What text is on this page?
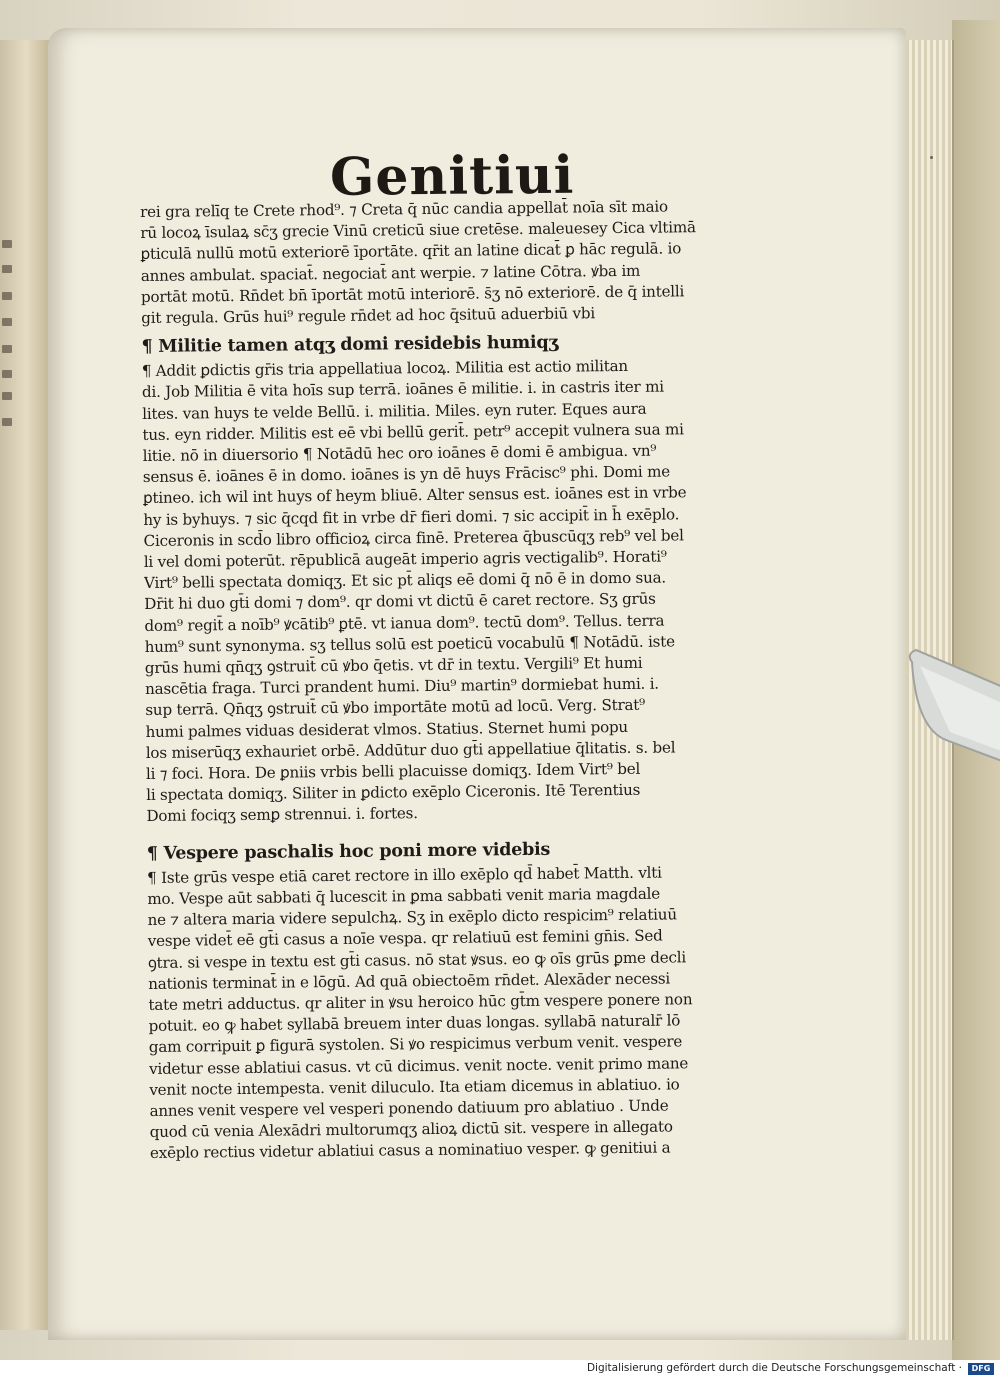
Genitiui
rei gra relīq te Crete rhod⁹. ⁊ Creta q̄ nūc candia appellat̄ noīa sīt maio
rū locoꝝ īsulaꝝ sc̄ʒ grecie Vinū creticū siue cretēse. maleuesey Cica vltimā
ꝑticulā nullū motū exteriorē īportāte. qr̄it an latine dicat̄ ꝑ hāc regulā. io
annes ambulat. spaciat̄. negociat̄ ant werpie. ⁊ latine Cōtra. ꝟba im
portāt motū. Rn̄det bn̄ īportāt motū interiorē. s̄ʒ nō exteriorē. de q̄ intelli
git regula. Grūs hui⁹ regule rn̄det ad hoc q̄situū aduerbiū vbi
¶ Militie tamen atqʒ domi residebis humiqʒ
¶ Addit ꝑdictis gr̄is tria appellatiua locoꝝ. Militia est actio militan
di. Job Militia ē vita hoīs sup terrā. ioānes ē militie. i. in castris iter mi
lites. van huys te velde Bellū. i. militia. Miles. eyn ruter. Eques aura
tus. eyn ridder. Militis est eē vbi bellū gerit̄. petr⁹ accepit vulnera sua mi
litie. nō in diuersorio ¶ Notādū hec oro ioānes ē domi ē ambigua. vn⁹
sensus ē. ioānes ē in domo. ioānes is yn dē huys Frācisc⁹ phi. Domi me
ꝑtineo. ich wil int huys of heym bliuē. Alter sensus est. ioānes est in vrbe
hy is byhuys. ⁊ sic q̄cqd fit in vrbe dr̄ fieri domi. ⁊ sic accipit̄ in h̄ exēplo.
Ciceronis in scd̄o libro officioꝝ circa finē. Preterea q̄buscūqʒ reb⁹ vel bel
li vel domi poterūt. rēpublicā augeāt imperio agris vectigalib⁹. Horati⁹
Virt⁹ belli spectata domiqʒ. Et sic pt̄ aliqs eē domi q̄ nō ē in domo sua.
Dr̄it hi duo gt̄i domi ⁊ dom⁹. qr domi vt dictū ē caret rectore. Sʒ grūs
dom⁹ regit̄ a noīb⁹ ꝟcātib⁹ ꝑtē. vt ianua dom⁹. tectū dom⁹. Tellus. terra
hum⁹ sunt synonyma. sʒ tellus solū est poeticū vocabulū ¶ Notādū. iste
grūs humi qn̄qʒ ꝯstruit̄ cū ꝟbo q̄etis. vt dr̄ in textu. Vergili⁹ Et humi
nascētia fraga. Turci prandent humi. Diu⁹ martin⁹ dormiebat humi. i.
sup terrā. Qn̄qʒ ꝯstruit̄ cū ꝟbo importāte motū ad locū. Verg. Strat⁹
humi palmes viduas desiderat vlmos. Statius. Sternet humi popu
los miserūqʒ exhauriet orbē. Addūtur duo gt̄i appellatiue q̄litatis. s. bel
li ⁊ foci. Hora. De ꝑniis vrbis belli placuisse domiqʒ. Idem Virt⁹ bel
li spectata domiqʒ. Siliter in ꝑdicto exēplo Ciceronis. Itē Terentius
Domi fociqʒ semꝑ strennui. i. fortes.
¶ Vespere paschalis hoc poni more videbis
¶ Iste grūs vespe etiā caret rectore in illo exēplo qd̄ habet̄ Matth. vlti
mo. Vespe aūt sabbati q̄ lucescit in ꝑma sabbati venit maria magdale
ne ⁊ altera maria videre sepulchꝝ. Sʒ in exēplo dicto respicim⁹ relatiuū
vespe videt̄ eē gt̄i casus a noīe vespa. qr relatiuū est femini gn̄is. Sed
ꝯtra. si vespe in textu est gt̄i casus. nō stat ꝟsus. eo ꝙ oīs grūs ꝑme decli
nationis terminat̄ in e lōgū. Ad quā obiectoēm rn̄det. Alexāder necessi
tate metri adductus. qr aliter in ꝟsu heroico hūc gt̄m vespere ponere non
potuit. eo ꝙ habet syllabā breuem inter duas longas. syllabā naturalr̄ lō
gam corripuit ꝑ figurā systolen. Si ꝟo respicimus verbum venit. vespere
videtur esse ablatiui casus. vt cū dicimus. venit nocte. venit primo mane
venit nocte intempesta. venit diluculo. Ita etiam dicemus in ablatiuo. io
annes venit vespere vel vesperi ponendo datiuum pro ablatiuo . Unde
quod cū venia Alexādri multorumqʒ alioꝝ dictū sit. vespere in allegato
exēplo rectius videtur ablatiui casus a nominatiuo vesper. ꝙ genitiui a
Digitalisierung gefördert durch die Deutsche Forschungsgemeinschaft ·	DFG
